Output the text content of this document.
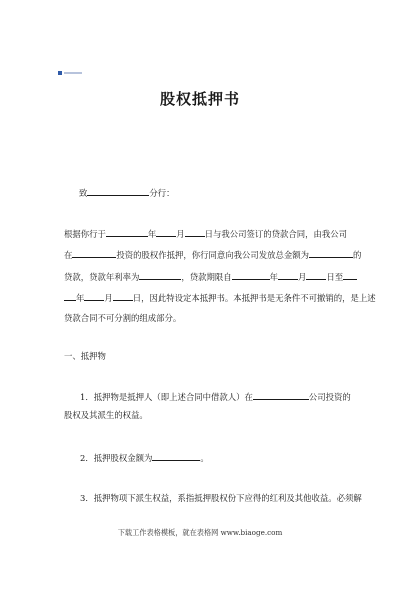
股权抵押书
致	分行：
根据你行于	年 月 日与我公司签订的贷款合同，由我公司
在	投资的股权作抵押，你行同意向我公司发放总金额为	的
贷款，贷款年利率为	，贷款期限自	年 月 日至
年 月 日，因此特设定本抵押书。本抵押书是无条件不可撤销的，是上述
贷款合同不可分割的组成部分。
一、抵押物
1．抵押物是抵押人（即上述合同中借款人）在	公司投资的
股权及其派生的权益。
2．抵押股权金额为	。
3．抵押物项下派生权益，系指抵押股权份下应得的红利及其他收益。必须解
下载工作表格模板，就在表格网 www.biaoge.com
